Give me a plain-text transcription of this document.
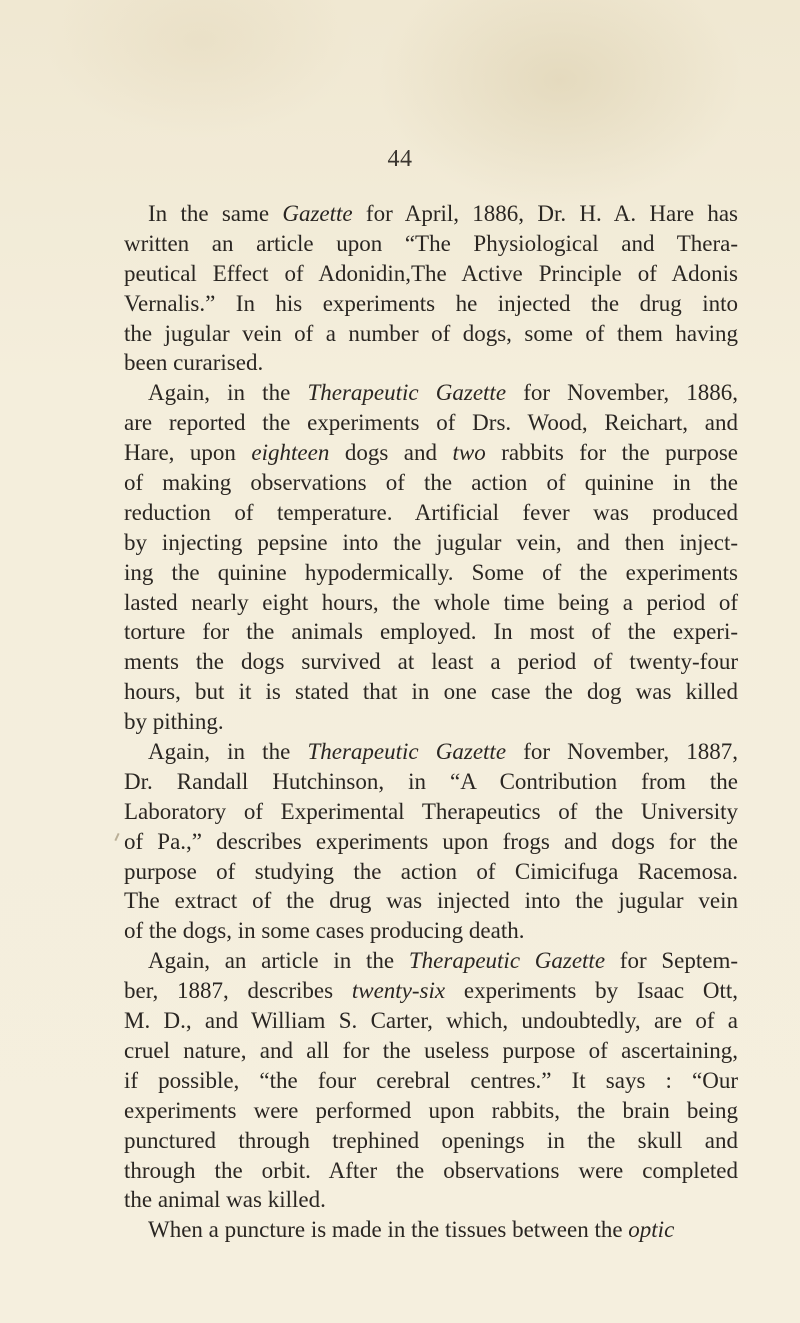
44
In the same Gazette for April, 1886, Dr. H. A. Hare has
written an article upon “The Physiological and Thera-
peutical Effect of Adonidin,The Active Principle of Adonis
Vernalis.” In his experiments he injected the drug into
the jugular vein of a number of dogs, some of them having
been curarised.
Again, in the Therapeutic Gazette for November, 1886,
are reported the experiments of Drs. Wood, Reichart, and
Hare, upon eighteen dogs and two rabbits for the purpose
of making observations of the action of quinine in the
reduction of temperature. Artificial fever was produced
by injecting pepsine into the jugular vein, and then inject-
ing the quinine hypodermically. Some of the experiments
lasted nearly eight hours, the whole time being a period of
torture for the animals employed. In most of the experi-
ments the dogs survived at least a period of twenty-four
hours, but it is stated that in one case the dog was killed
by pithing.
Again, in the Therapeutic Gazette for November, 1887,
Dr. Randall Hutchinson, in “A Contribution from the
Laboratory of Experimental Therapeutics of the University
of Pa.,” describes experiments upon frogs and dogs for the
purpose of studying the action of Cimicifuga Racemosa.
The extract of the drug was injected into the jugular vein
of the dogs, in some cases producing death.
Again, an article in the Therapeutic Gazette for Septem-
ber, 1887, describes twenty-six experiments by Isaac Ott,
M. D., and William S. Carter, which, undoubtedly, are of a
cruel nature, and all for the useless purpose of ascertaining,
if possible, “the four cerebral centres.” It says : “Our
experiments were performed upon rabbits, the brain being
punctured through trephined openings in the skull and
through the orbit. After the observations were completed
the animal was killed.
When a puncture is made in the tissues between the optic
